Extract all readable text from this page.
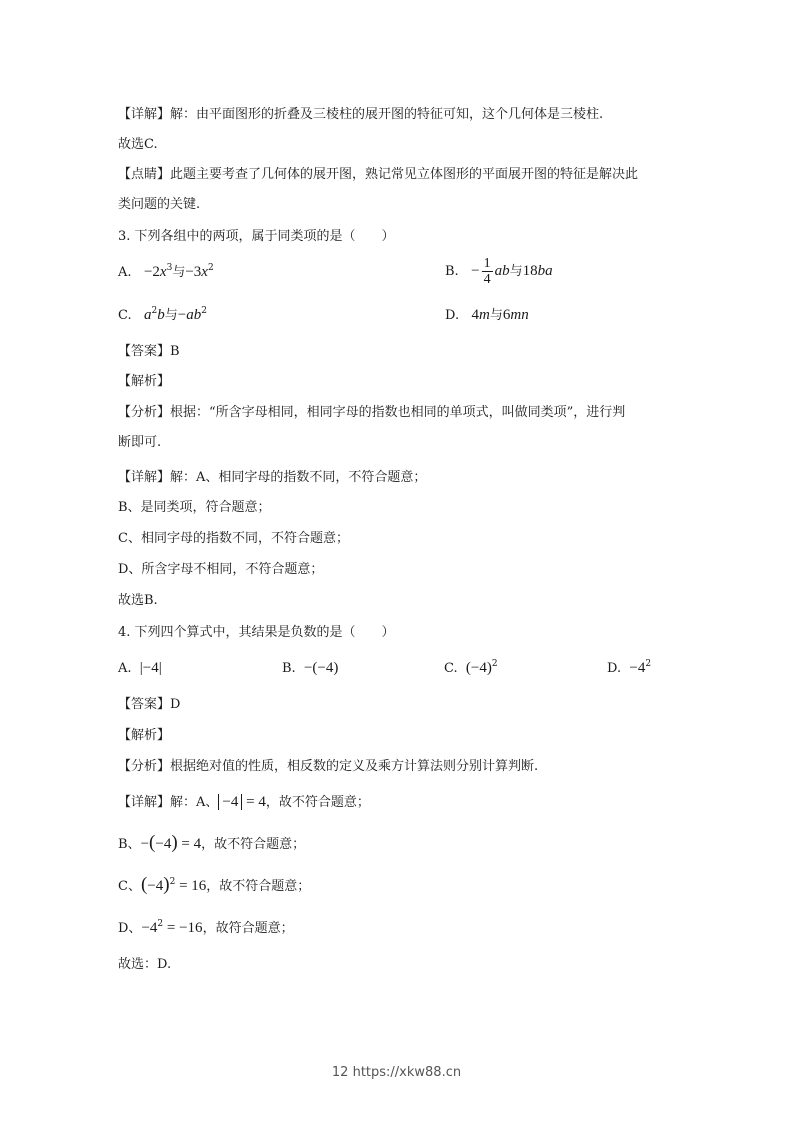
【详解】解：由平面图形的折叠及三棱柱的展开图的特征可知，这个几何体是三棱柱.
故选C.
【点睛】此题主要考查了几何体的展开图，熟记常见立体图形的平面展开图的特征是解决此
类问题的关键.
3. 下列各组中的两项，属于同类项的是（　　）
A. $-2x^3$与$-3x^2$	B. − $\frac{1}{4}$ ab与18ba
C. $a^2b$与$-ab^2$	D. 4m与6mn
【答案】B
【解析】
【分析】根据：“所含字母相同，相同字母的指数也相同的单项式，叫做同类项”，进行判
断即可.
【详解】解：A、相同字母的指数不同，不符合题意；
B、是同类项，符合题意；
C、相同字母的指数不同，不符合题意；
D、所含字母不相同，不符合题意；
故选B.
4. 下列四个算式中，其结果是负数的是（　　）
A. |−4|	B. −(−4)	C. $(-4)^2$	D. $-4^2$
【答案】D
【解析】
【分析】根据绝对值的性质，相反数的定义及乘方计算法则分别计算判断.
【详解】解：A、 −4 = 4，故不符合题意；
B、−(−4) = 4，故不符合题意；
C、$(-4)^2 = 16$，故不符合题意；
D、$-4^2 = -16$，故符合题意；
故选：D.
12 https://xkw88.cn
